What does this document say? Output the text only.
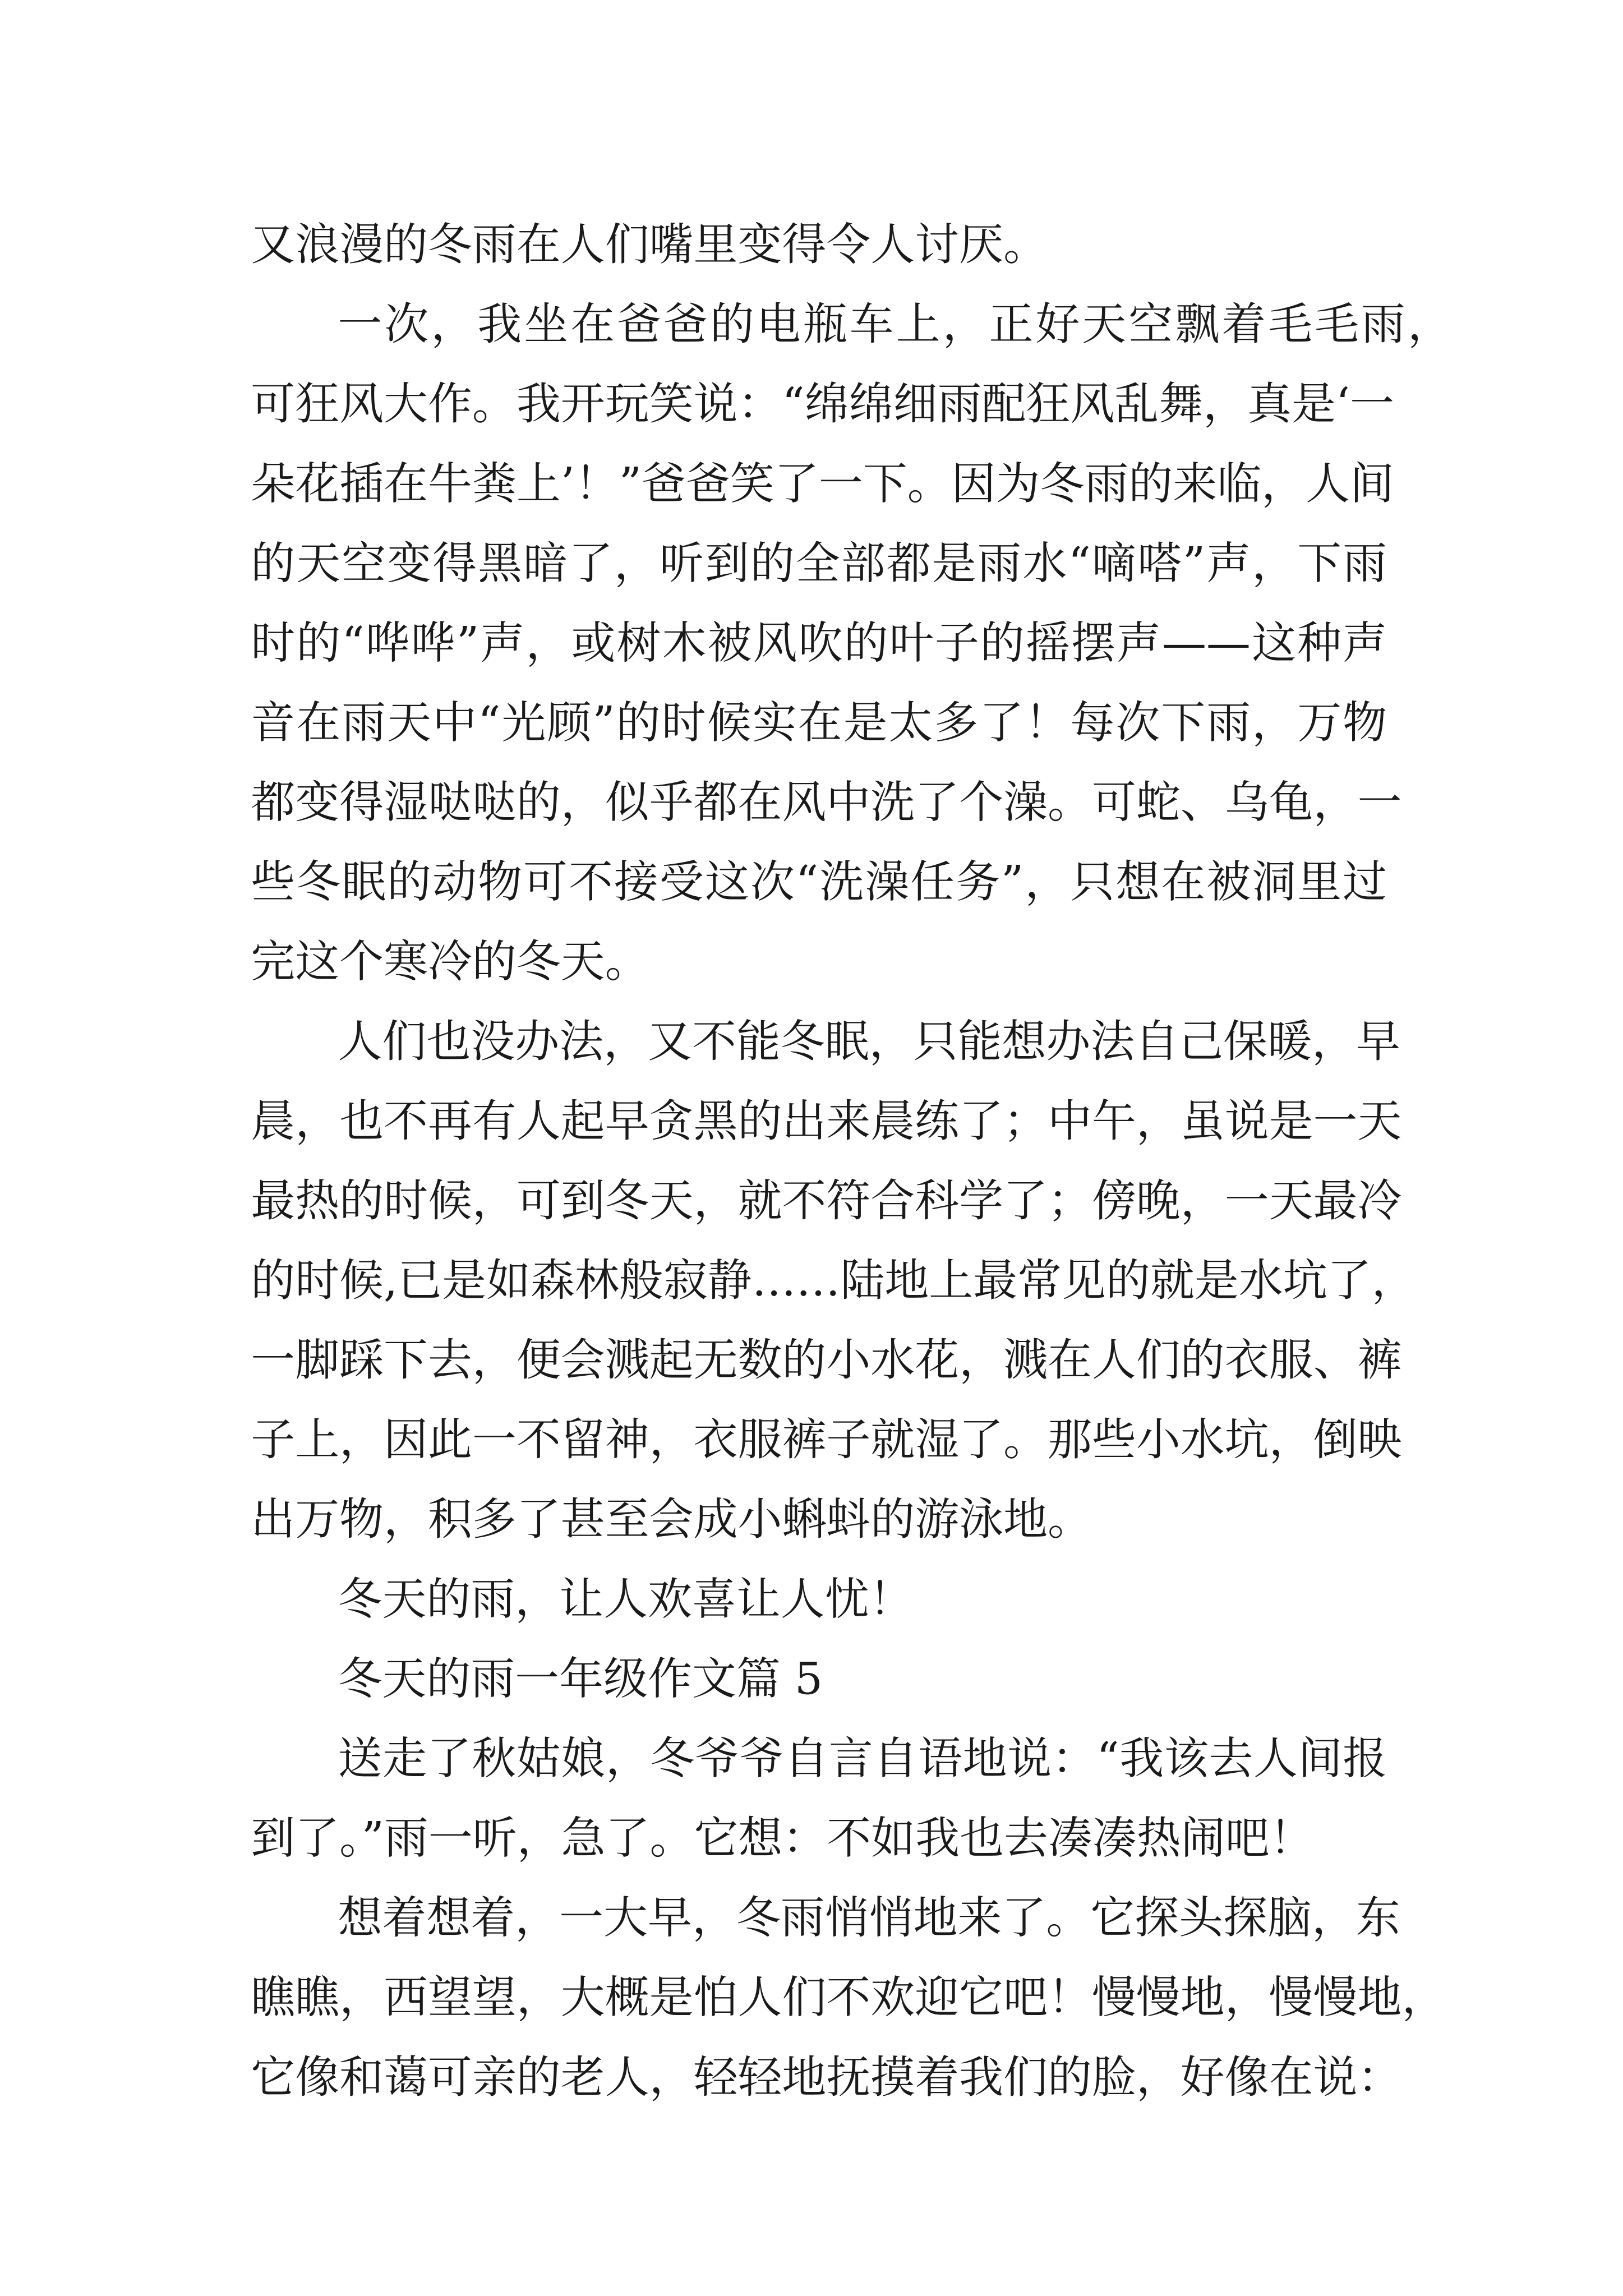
又浪漫的冬雨在人们嘴里变得令人讨厌。
一次，我坐在爸爸的电瓶车上，正好天空飘着毛毛雨，
可狂风大作。我开玩笑说：“绵绵细雨配狂风乱舞，真是‘一
朵花插在牛粪上’！”爸爸笑了一下。因为冬雨的来临，人间
的天空变得黑暗了，听到的全部都是雨水“嘀嗒”声，下雨
时的“哗哗”声，或树木被风吹的叶子的摇摆声——这种声
音在雨天中“光顾”的时候实在是太多了！每次下雨，万物
都变得湿哒哒的，似乎都在风中洗了个澡。可蛇、乌龟，一
些冬眠的动物可不接受这次“洗澡任务”，只想在被洞里过
完这个寒冷的冬天。
人们也没办法，又不能冬眠，只能想办法自己保暖，早
晨，也不再有人起早贪黑的出来晨练了；中午，虽说是一天
最热的时候，可到冬天，就不符合科学了；傍晚，一天最冷
的时候,已是如森林般寂静……陆地上最常见的就是水坑了，
一脚踩下去，便会溅起无数的小水花，溅在人们的衣服、裤
子上，因此一不留神，衣服裤子就湿了。那些小水坑，倒映
出万物，积多了甚至会成小蝌蚪的游泳地。
冬天的雨，让人欢喜让人忧！
冬天的雨一年级作文篇 5
送走了秋姑娘，冬爷爷自言自语地说：“我该去人间报
到了。”雨一听，急了。它想：不如我也去凑凑热闹吧！
想着想着，一大早，冬雨悄悄地来了。它探头探脑，东
瞧瞧，西望望，大概是怕人们不欢迎它吧！慢慢地，慢慢地，
它像和蔼可亲的老人，轻轻地抚摸着我们的脸，好像在说：
